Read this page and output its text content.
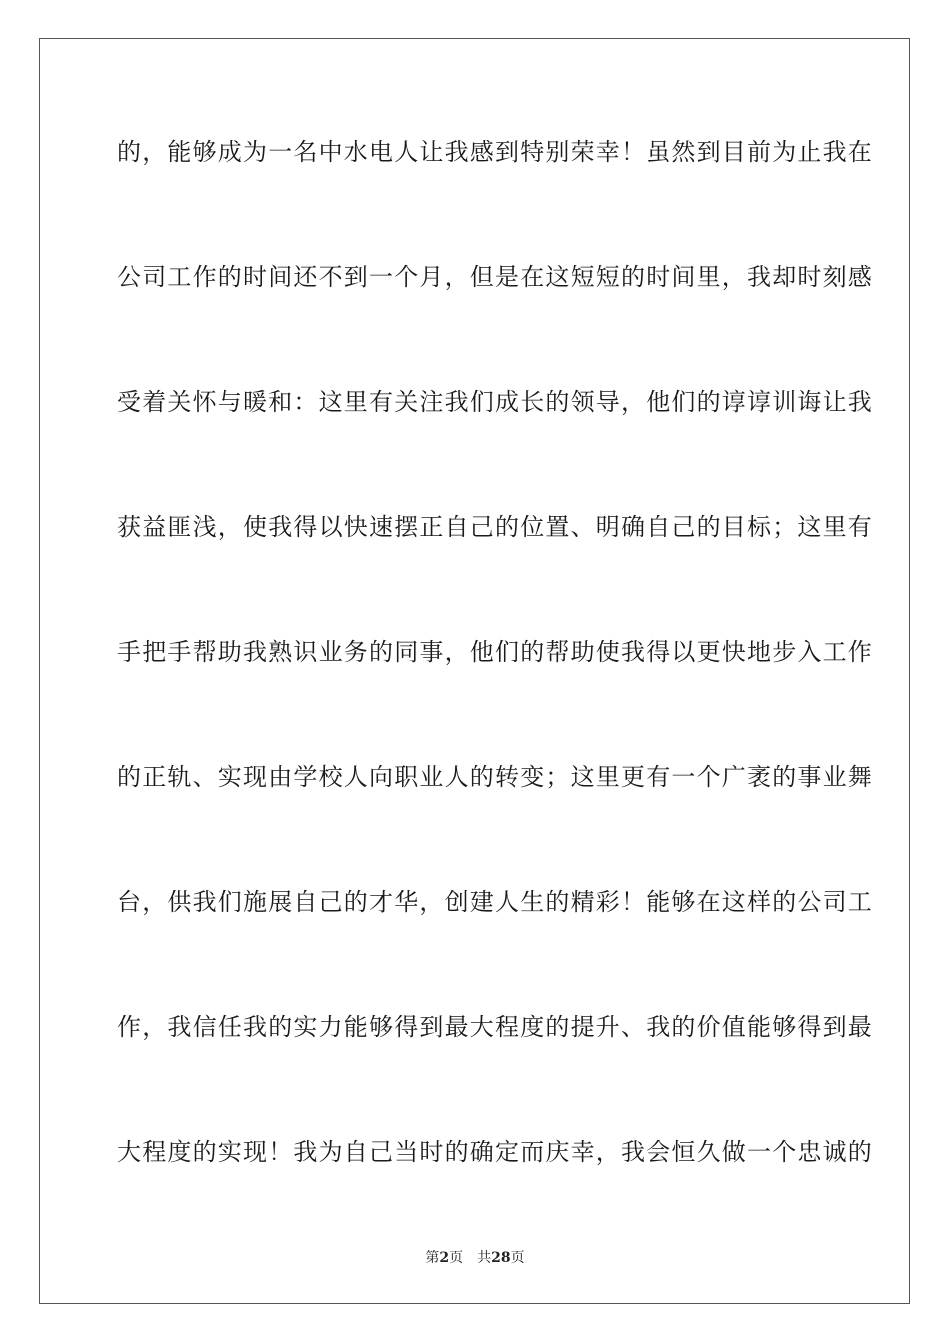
的，能够成为一名中水电人让我感到特别荣幸！虽然到目前为止我在
公司工作的时间还不到一个月，但是在这短短的时间里，我却时刻感
受着关怀与暖和：这里有关注我们成长的领导，他们的谆谆训诲让我
获益匪浅，使我得以快速摆正自己的位置、明确自己的目标；这里有
手把手帮助我熟识业务的同事，他们的帮助使我得以更快地步入工作
的正轨、实现由学校人向职业人的转变；这里更有一个广袤的事业舞
台，供我们施展自己的才华，创建人生的精彩！能够在这样的公司工
作，我信任我的实力能够得到最大程度的提升、我的价值能够得到最
大程度的实现！我为自己当时的确定而庆幸，我会恒久做一个忠诚的
第2页 共28页
